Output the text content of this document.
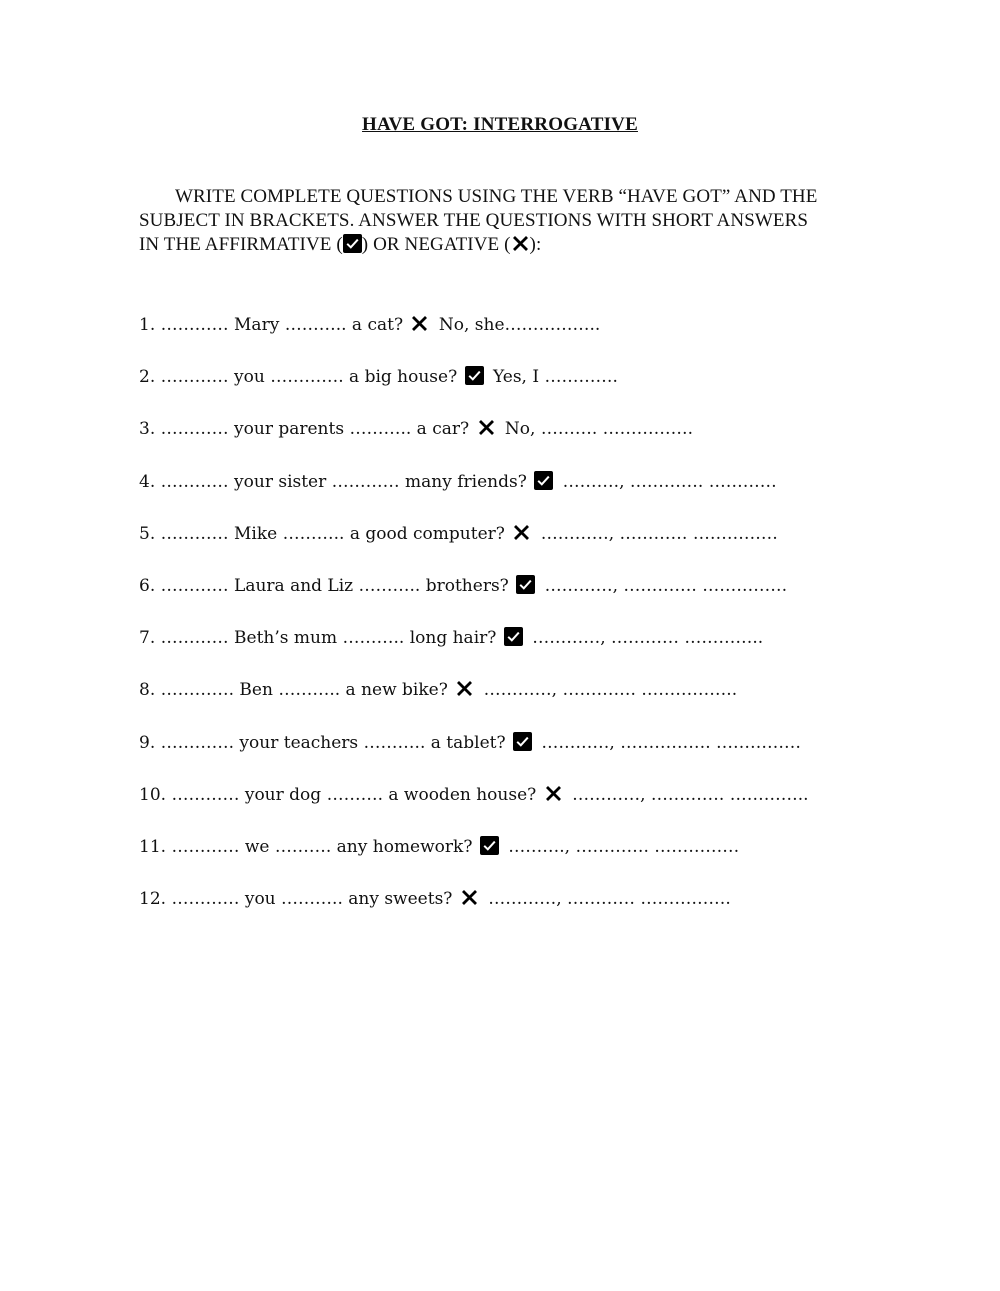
HAVE GOT: INTERROGATIVE
WRITE COMPLETE QUESTIONS USING THE VERB “HAVE GOT” AND THE
SUBJECT IN BRACKETS. ANSWER THE QUESTIONS WITH SHORT ANSWERS
IN THE AFFIRMATIVE ( ) OR NEGATIVE ( ):
1. ………… Mary ……….. a cat? No, she……………..
2. ………… you …………. a big house? Yes, I ………….
3. ………… your parents ……….. a car? No, ………. …………….
4. ………… your sister ………… many friends? ………., …………. …………
5. ………… Mike ……….. a good computer? …………, ………… ……………
6. ………… Laura and Liz ……….. brothers?
…………, …………. ……………
7. ………… Beth’s mum ……….. long hair? …………, ………… …………..
8. …………. Ben ……….. a new bike? …………, …………. ……………..
9. …………. your teachers ……….. a tablet? …………, ……………. ……………
10. ………… your dog ………. a wooden house? …………, …………. …………..
11. ………… we ………. any homework? ………., …………. ……………
12. ………… you ……….. any sweets? …………, ………… …………….
